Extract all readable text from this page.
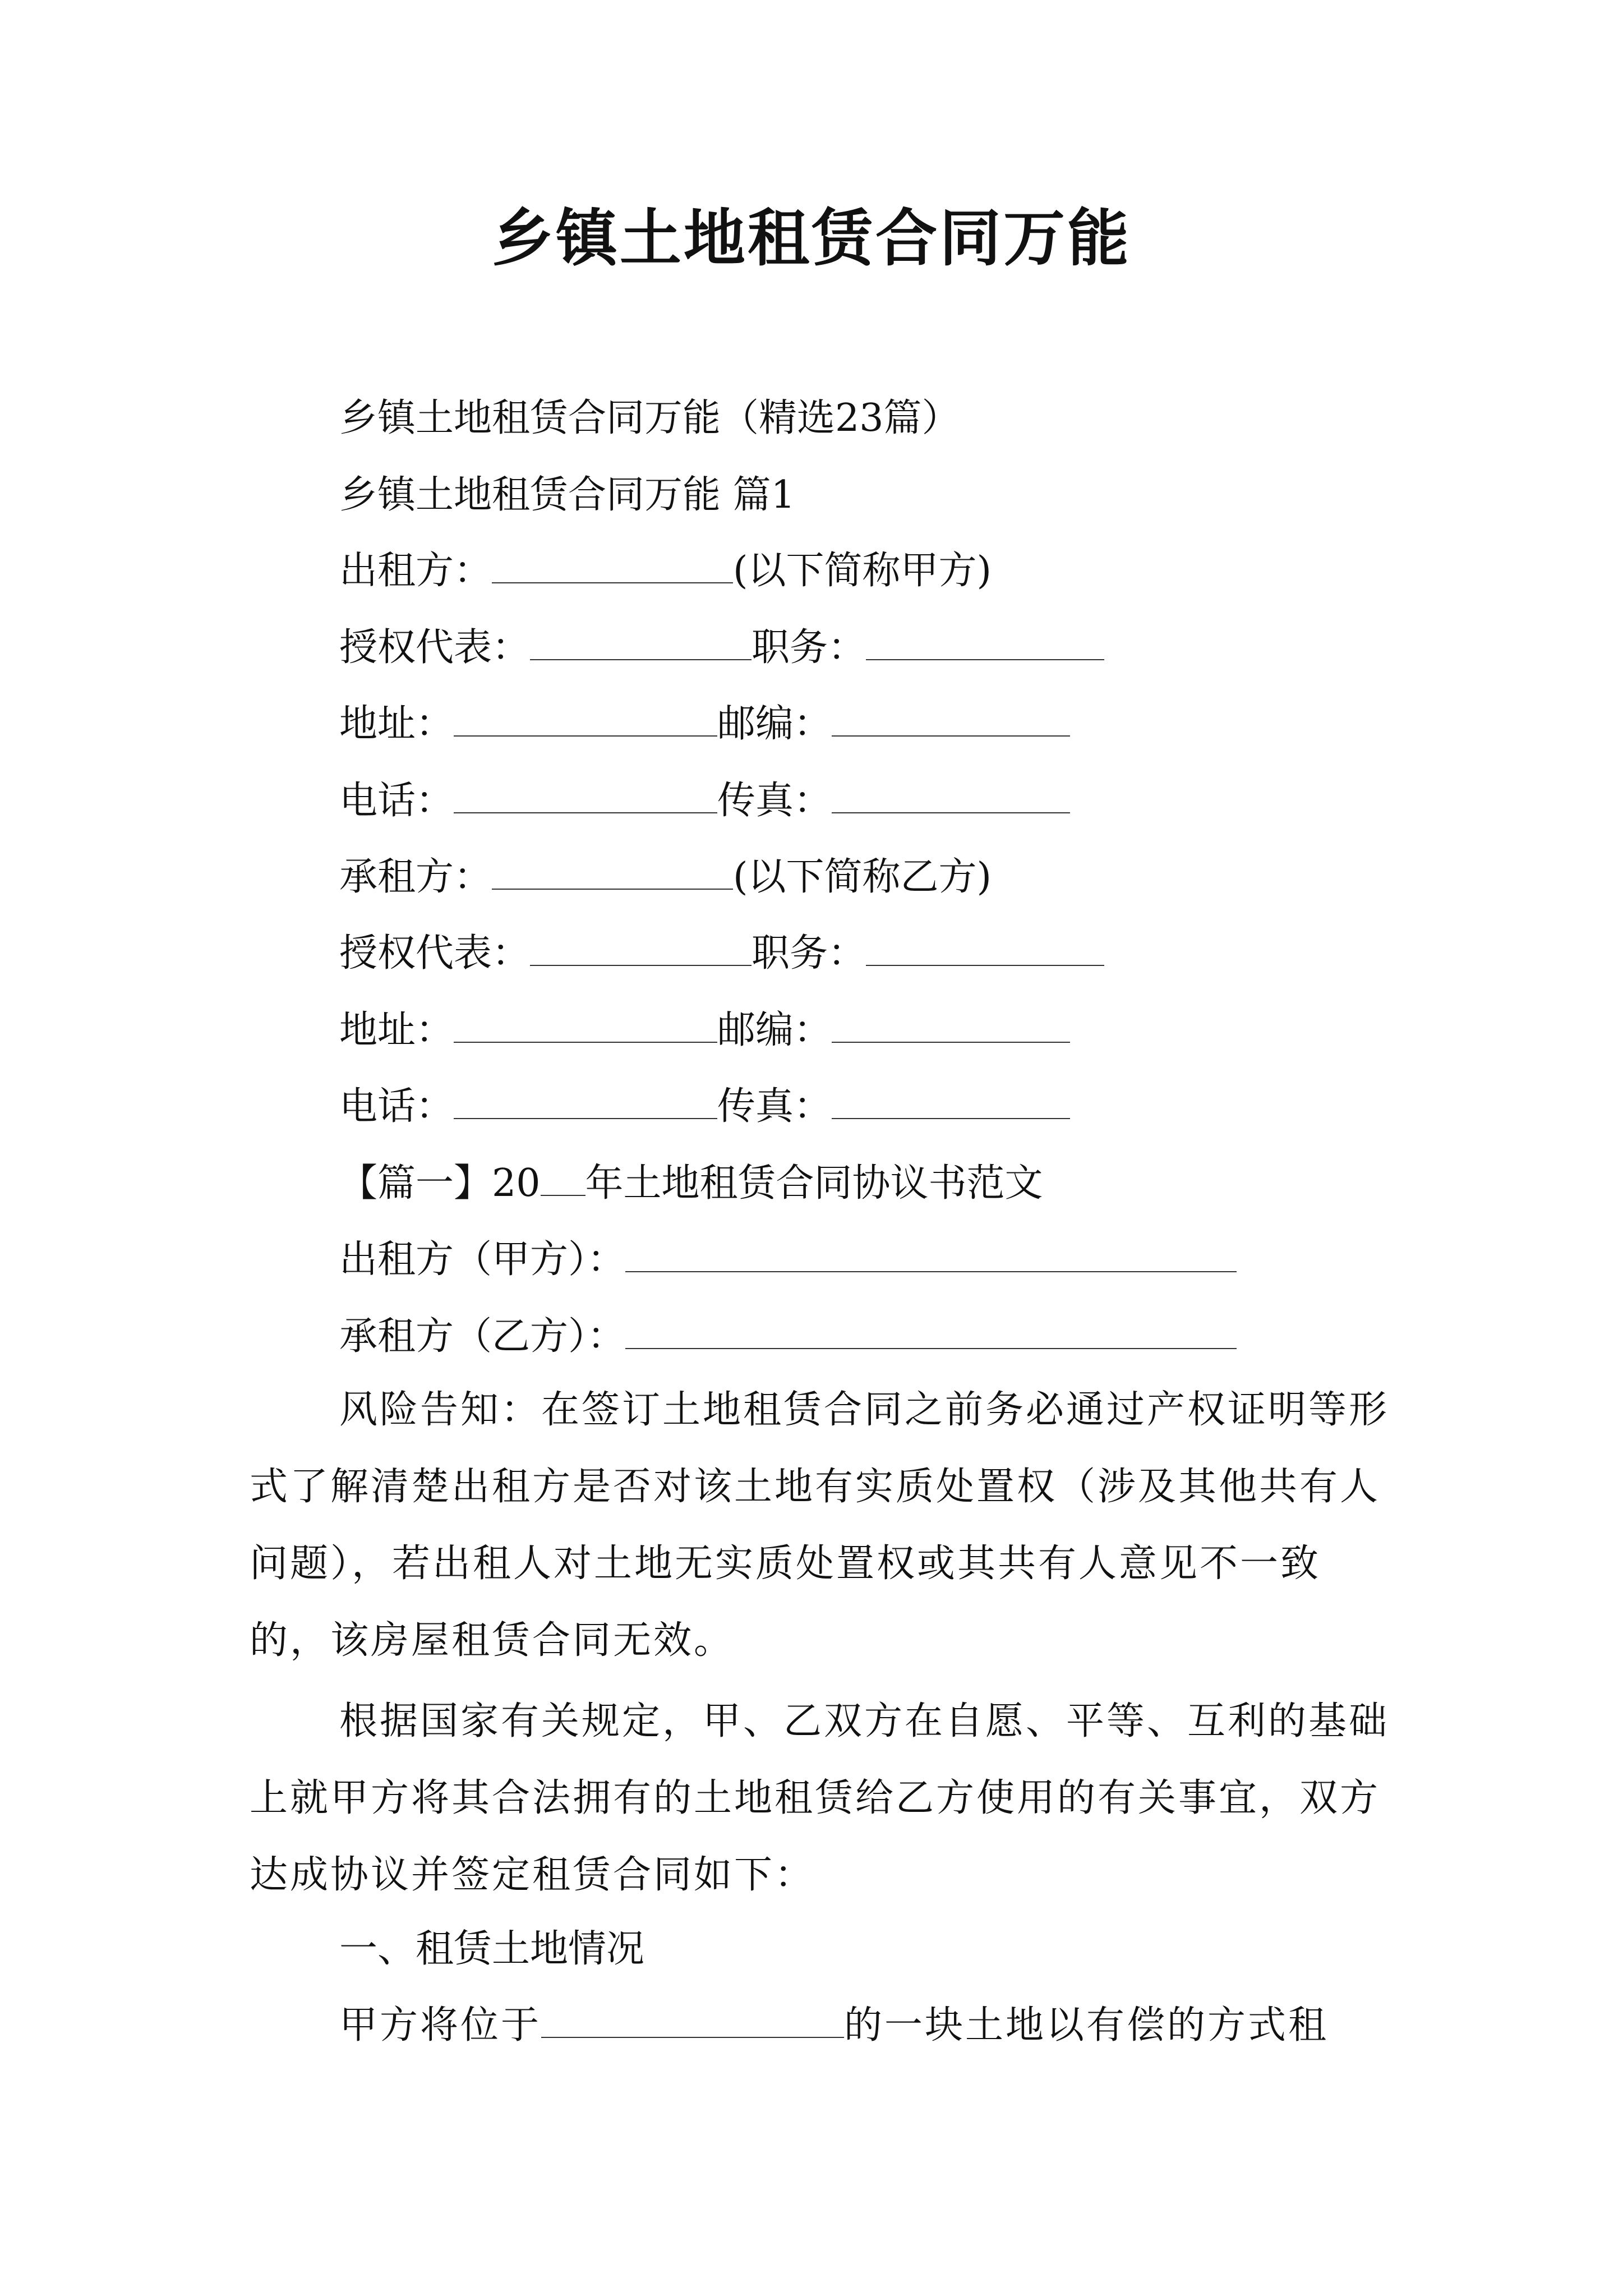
乡镇土地租赁合同万能
乡镇土地租赁合同万能（精选23篇）
乡镇土地租赁合同万能 篇1
出租方：	(以下简称甲方)
授权代表：	职务：
地址：	邮编：
电话：	传真：
承租方：	(以下简称乙方)
授权代表：	职务：
地址：	邮编：
电话：	传真：
【篇一】20 年土地租赁合同协议书范文
出租方（甲方）：
承租方（乙方）：
风险告知：在签订土地租赁合同之前务必通过产权证明等形式了解清楚出租方是否对该土地有实质处置权（涉及其他共有人问题），若出租人对土地无实质处置权或其共有人意见不一致的，该房屋租赁合同无效。
根据国家有关规定，甲、乙双方在自愿、平等、互利的基础上就甲方将其合法拥有的土地租赁给乙方使用的有关事宜，双方达成协议并签定租赁合同如下：
一、租赁土地情况
甲方将位于	的一块土地以有偿的方式租
